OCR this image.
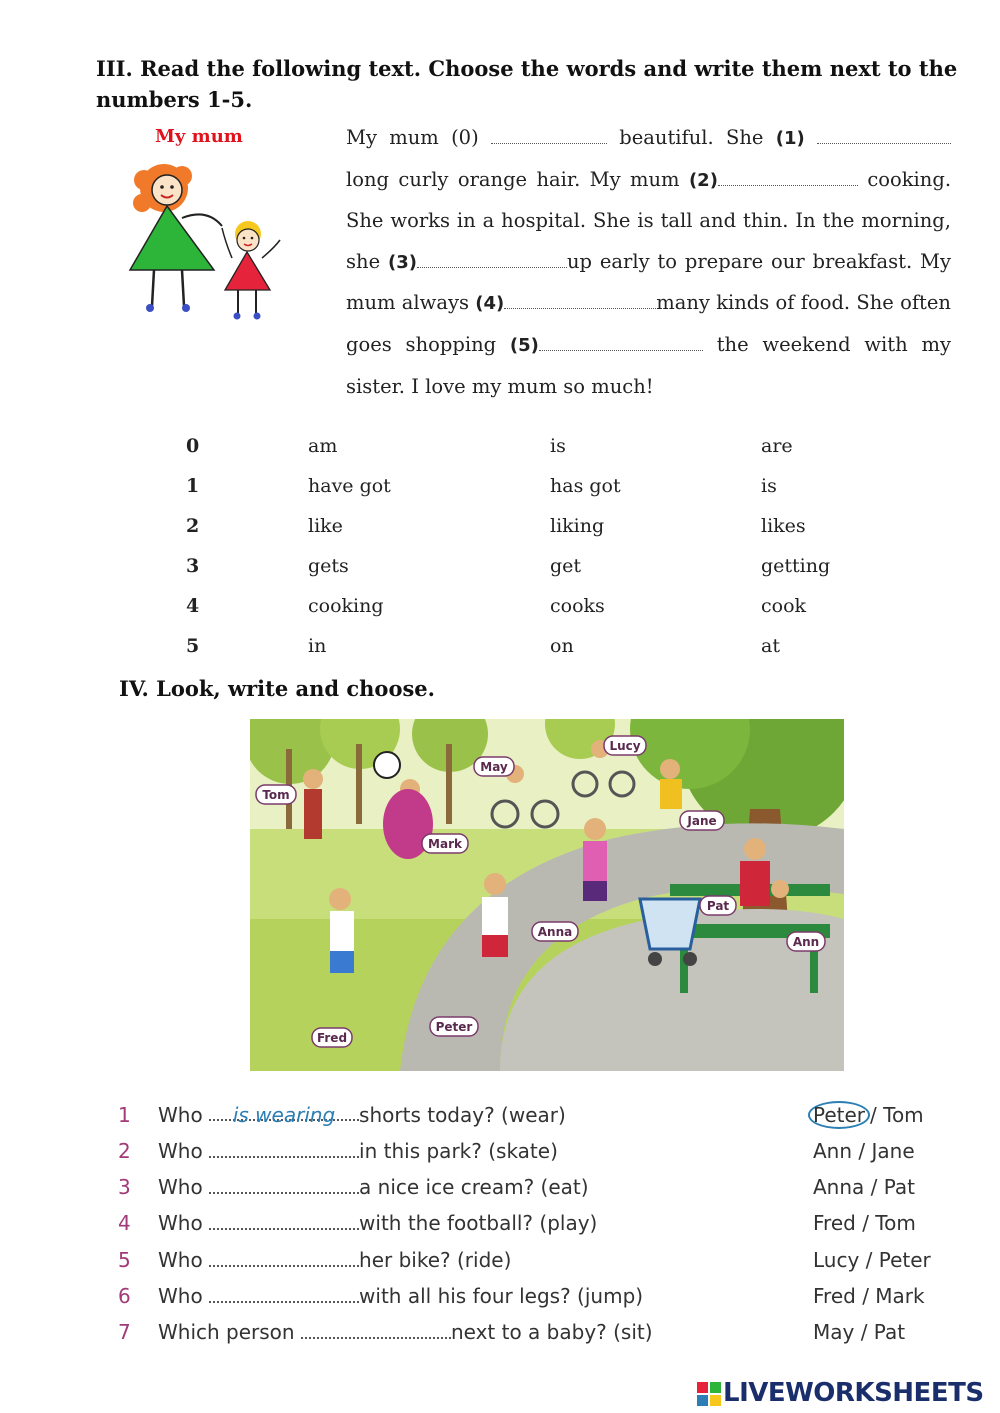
III. Read the following text. Choose the words and write them next to the numbers 1-5.
My mum	My mum (0)	beautiful. She (1)  long curly orange hair. My mum (2)	cooking. She works in a hospital. She is tall and thin. In the morning, she (3)	up early to prepare our breakfast. My mum always (4)	many kinds of food. She often goes shopping (5)	the weekend with my sister. I love my mum so much!
0	am	is	are
1	have got	has got	is
2	like	liking	likes
3	gets	get	getting
4	cooking	cooks	cook
5	in	on	at
IV. Look, write and choose.
May
Lucy
Tom
Mark
Jane
Pat
Ann
Anna
Peter
Fred
1 Who is wearing shorts today? (wear)	Peter / Tom
2 Who	in this park? (skate)	Ann / Jane
3 Who	a nice ice cream? (eat)	Anna / Pat
4 Who	with the football? (play)	Fred / Tom
5 Who	her bike? (ride)	Lucy / Peter
6 Who	with all his four legs? (jump)	Fred / Mark
7 Which person	next to a baby? (sit)	May / Pat
LIVEWORKSHEETS
